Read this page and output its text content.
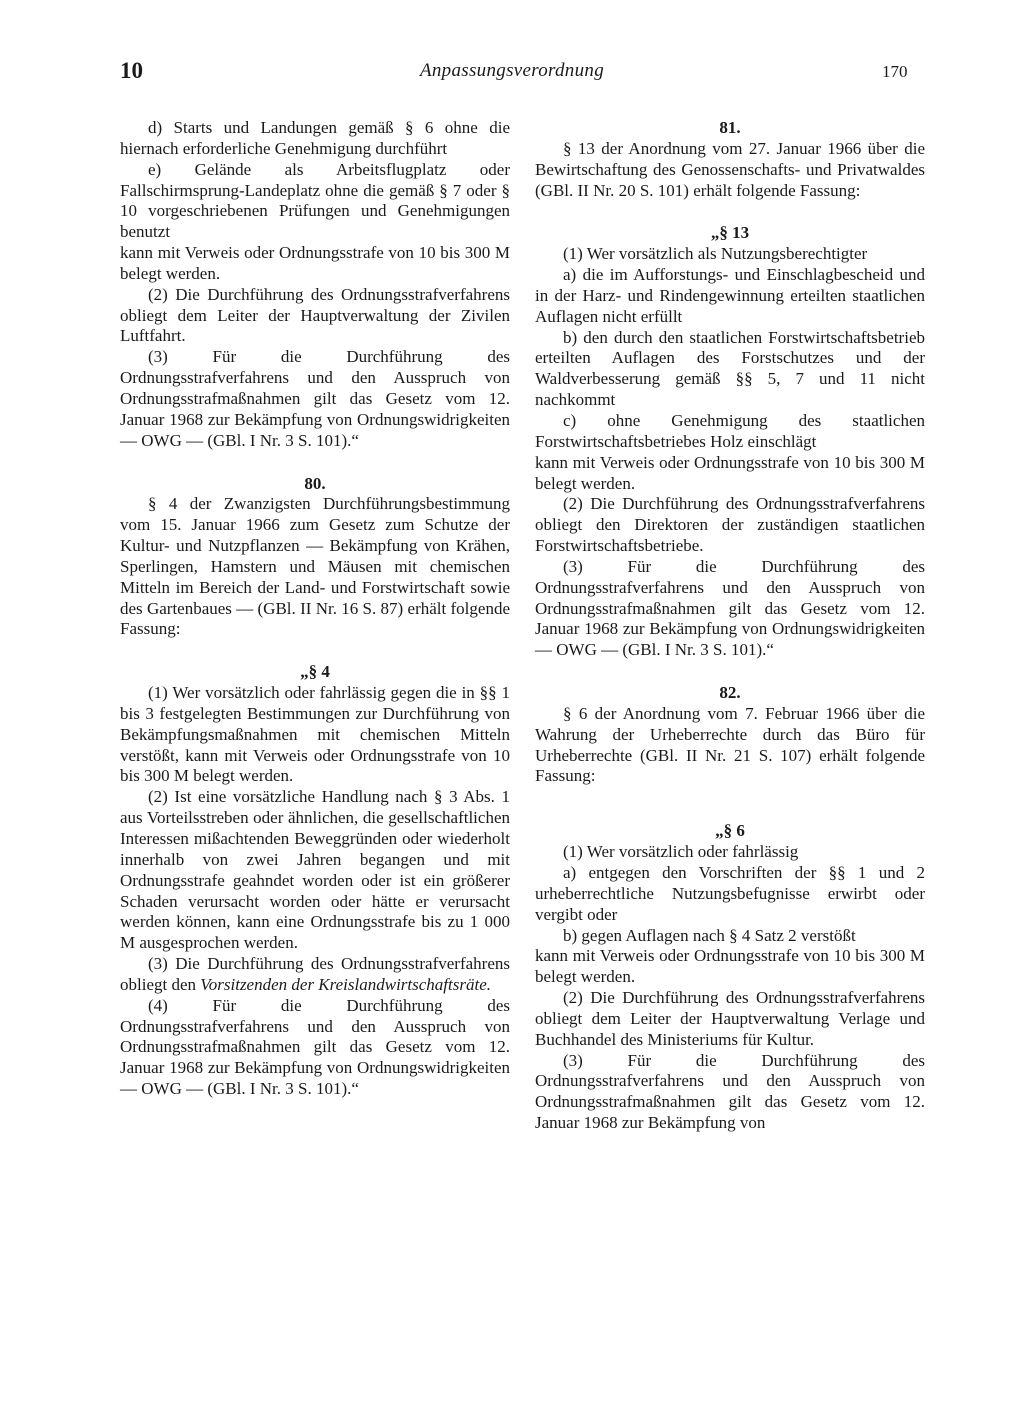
10	Anpassungsverordnung	170

d) Starts und Landungen gemäß § 6 ohne die hiernach erforderliche Genehmigung durchführt

e) Gelände als Arbeitsflugplatz oder Fallschirmsprung-Landeplatz ohne die gemäß § 7 oder § 10 vorgeschriebenen Prüfungen und Genehmigungen benutzt

kann mit Verweis oder Ordnungsstrafe von 10 bis 300 M belegt werden.

(2) Die Durchführung des Ordnungsstrafverfahrens obliegt dem Leiter der Hauptverwaltung der Zivilen Luftfahrt.

(3) Für die Durchführung des Ordnungsstrafverfahrens und den Ausspruch von Ordnungsstrafmaßnahmen gilt das Gesetz vom 12. Januar 1968 zur Bekämpfung von Ordnungswidrigkeiten — OWG — (GBl. I Nr. 3 S. 101).“

80.

§ 4 der Zwanzigsten Durchführungsbestimmung vom 15. Januar 1966 zum Gesetz zum Schutze der Kultur- und Nutzpflanzen — Bekämpfung von Krähen, Sperlingen, Hamstern und Mäusen mit chemischen Mitteln im Bereich der Land- und Forstwirtschaft sowie des Gartenbaues — (GBl. II Nr. 16 S. 87) erhält folgende Fassung:

„§ 4

(1) Wer vorsätzlich oder fahrlässig gegen die in §§ 1 bis 3 festgelegten Bestimmungen zur Durchführung von Bekämpfungsmaßnahmen mit chemischen Mitteln verstößt, kann mit Verweis oder Ordnungsstrafe von 10 bis 300 M belegt werden.

(2) Ist eine vorsätzliche Handlung nach § 3 Abs. 1 aus Vorteilsstreben oder ähnlichen, die gesellschaftlichen Interessen mißachtenden Beweggründen oder wiederholt innerhalb von zwei Jahren begangen und mit Ordnungsstrafe geahndet worden oder ist ein größerer Schaden verursacht worden oder hätte er verursacht werden können, kann eine Ordnungsstrafe bis zu 1 000 M ausgesprochen werden.

(3) Die Durchführung des Ordnungsstrafverfahrens obliegt den Vorsitzenden der Kreislandwirtschaftsräte.

(4) Für die Durchführung des Ordnungsstrafverfahrens und den Ausspruch von Ordnungsstrafmaßnahmen gilt das Gesetz vom 12. Januar 1968 zur Bekämpfung von Ordnungswidrigkeiten — OWG — (GBl. I Nr. 3 S. 101).“

81.

§ 13 der Anordnung vom 27. Januar 1966 über die Bewirtschaftung des Genossenschafts- und Privatwaldes (GBl. II Nr. 20 S. 101) erhält folgende Fassung:

„§ 13

(1) Wer vorsätzlich als Nutzungsberechtigter

a) die im Aufforstungs- und Einschlagbescheid und in der Harz- und Rindengewinnung erteilten staatlichen Auflagen nicht erfüllt

b) den durch den staatlichen Forstwirtschaftsbetrieb erteilten Auflagen des Forstschutzes und der Waldverbesserung gemäß §§ 5, 7 und 11 nicht nachkommt

c) ohne Genehmigung des staatlichen Forstwirtschaftsbetriebes Holz einschlägt

kann mit Verweis oder Ordnungsstrafe von 10 bis 300 M belegt werden.

(2) Die Durchführung des Ordnungsstrafverfahrens obliegt den Direktoren der zuständigen staatlichen Forstwirtschaftsbetriebe.

(3) Für die Durchführung des Ordnungsstrafverfahrens und den Ausspruch von Ordnungsstrafmaßnahmen gilt das Gesetz vom 12. Januar 1968 zur Bekämpfung von Ordnungswidrigkeiten — OWG — (GBl. I Nr. 3 S. 101).“

82.

§ 6 der Anordnung vom 7. Februar 1966 über die Wahrung der Urheberrechte durch das Büro für Urheberrechte (GBl. II Nr. 21 S. 107) erhält folgende Fassung:

„§ 6

(1) Wer vorsätzlich oder fahrlässig

a) entgegen den Vorschriften der §§ 1 und 2 urheberrechtliche Nutzungsbefugnisse erwirbt oder vergibt oder

b) gegen Auflagen nach § 4 Satz 2 verstößt

kann mit Verweis oder Ordnungsstrafe von 10 bis 300 M belegt werden.

(2) Die Durchführung des Ordnungsstrafverfahrens obliegt dem Leiter der Hauptverwaltung Verlage und Buchhandel des Ministeriums für Kultur.

(3) Für die Durchführung des Ordnungsstrafverfahrens und den Ausspruch von Ordnungsstrafmaßnahmen gilt das Gesetz vom 12. Januar 1968 zur Bekämpfung von
